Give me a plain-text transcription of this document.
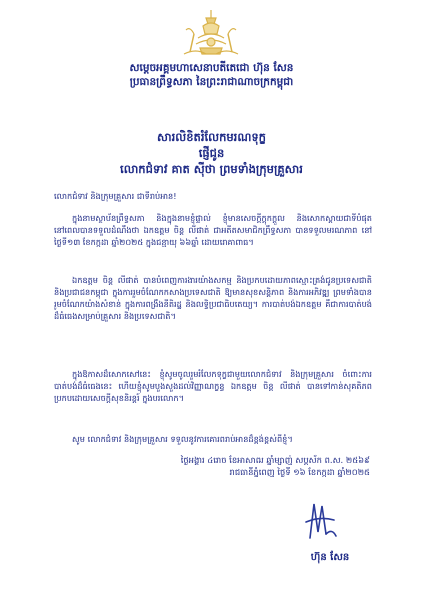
សម្តេចអគ្គមហាសេនាបតីតេជោ ហ៊ុន សែន
ប្រធានព្រឹទ្ធសភា នៃព្រះរាជាណាចក្រកម្ពុជា
សារលិខិតរំលែកមរណទុក្ខ
ផ្ញើជូន
លោកជំទាវ គាត ស៊ីថា ព្រមទាំងក្រុមគ្រួសារ
លោកជំទាវ និងក្រុមគ្រួសារ ជាទីរាប់អាន!
ក្នុងនាមស្ថាប័នព្រឹទ្ធសភា និងក្នុងនាមខ្ញុំផ្ទាល់ ខ្ញុំមានសេចក្តីក្តុកក្តួល និងសោកស្តាយជាទីបំផុត នៅពេលបានទទួលដំណឹងថា ឯកឧត្តម ចិន្ត លីផាត់ ជាអតីតសមាជិកព្រឹទ្ធសភា បានទទួលមរណភាព នៅថ្ងៃទី១៣ ខែកក្កដា ឆ្នាំ២០២៥ ក្នុងជន្មាយុ ៦៦ឆ្នាំ ដោយរោគាពាធ។
ឯកឧត្តម ចិន្ត លីផាត់ បានបំពេញការងារយ៉ាងសកម្ម និងប្រកបដោយភាពស្មោះត្រង់ជូនប្រទេសជាតិ និងប្រជាជនកម្ពុជា ក្នុងការរួមចំណែកកសាងប្រទេសជាតិ ឱ្យមានសុខសន្តិភាព និងការអភិវឌ្ឍ ព្រមទាំងបានរួមចំណែកយ៉ាងសំខាន់ ក្នុងការពង្រឹងនីតិរដ្ឋ និងលទ្ធិប្រជាធិបតេយ្យ។ ការបាត់បង់ឯកឧត្តម គឺជាការបាត់បង់ដ៏ធំធេងសម្រាប់គ្រួសារ និងប្រទេសជាតិ។
ក្នុងឱកាសដ៏សោកសៅនេះ ខ្ញុំសូមចូលរួមរំលែកទុក្ខជាមួយលោកជំទាវ និងក្រុមគ្រួសារ ចំពោះការបាត់បង់ដ៏ធំធេងនេះ ហើយខ្ញុំសូមបួងសួងដល់វិញ្ញាណក្ខន្ធ ឯកឧត្តម ចិន្ត លីផាត់ បានទៅកាន់សុគតិភព ប្រកបដោយសេចក្តីសុខនិរន្តរ៍ ក្នុងបរលោក។
សូម លោកជំទាវ និងក្រុមគ្រួសារ ទទួលនូវការគោរពរាប់អានដ៏ខ្ពង់ខ្ពស់ពីខ្ញុំ។
ថ្ងៃអង្គារ ៤រោច ខែអាសាឍ ឆ្នាំម្សាញ់ សប្តស័ក ព.ស. ២៥៦៩
រាជធានីភ្នំពេញ ថ្ងៃទី ១៦ ខែកក្កដា ឆ្នាំ២០២៥
ហ៊ុន សែន
